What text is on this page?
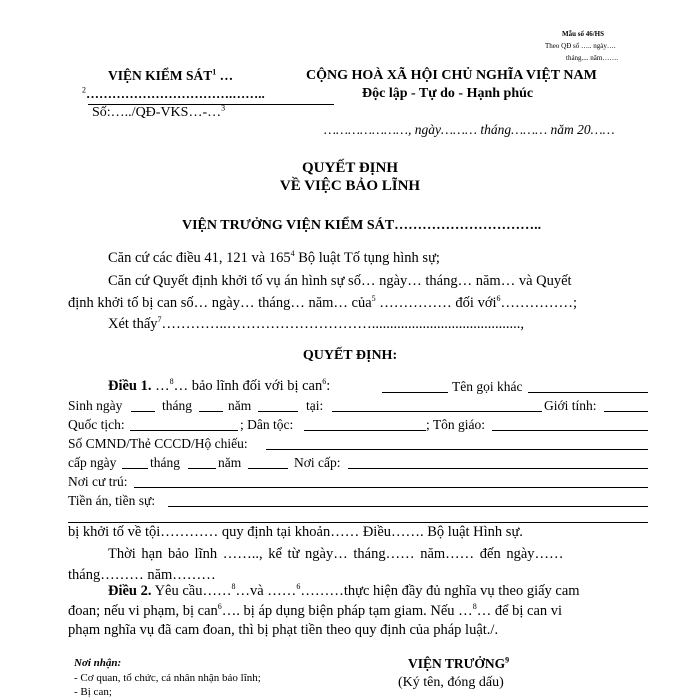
Mẫu số 46/HS
Theo QĐ số ….. ngày….
tháng.... năm…….
VIỆN KIỂM SÁT$^1$ …
$^2$…………………………….……..
Số:…../QĐ-VKS…-…$^3$
CỘNG HOÀ XÃ HỘI CHỦ NGHĨA VIỆT NAM
Độc lập - Tự do - Hạnh phúc
…………………, ngày……… tháng……… năm 20……
QUYẾT ĐỊNH
VỀ VIỆC BẢO LĨNH
VIỆN TRƯỞNG VIỆN KIỂM SÁT…………………………..
Căn cứ các điều 41, 121 và $165^4$ Bộ luật Tố tụng hình sự;
Căn cứ Quyết định khởi tố vụ án hình sự số… ngày… tháng… năm… và Quyết
định khởi tố bị can số… ngày… tháng… năm… của$^5$ …………… đối với$^6$……………;
Xét thấy$^7$…………..………………………….........................................,
QUYẾT ĐỊNH:
Điều 1. …$^8$… bảo lĩnh đối với bị can$^6$:	Tên gọi khác
Sinh ngày	tháng	năm	tại:	Giới tính:
Quốc tịch:	; Dân tộc:	; Tôn giáo:
Số CMND/Thẻ CCCD/Hộ chiếu:
cấp ngày tháng	năm	Nơi cấp:
Nơi cư trú:
Tiền án, tiền sự:
bị khởi tố về tội………… quy định tại khoản…… Điều……. Bộ luật Hình sự.
Thời hạn bảo lĩnh …….., kể từ ngày… tháng…… năm…… đến ngày……
tháng……… năm………
Điều 2. Yêu cầu……$^8$…và ……$^6$………thực hiện đầy đủ nghĩa vụ theo giấy cam
đoan; nếu vi phạm, bị can$^6$…. bị áp dụng biện pháp tạm giam. Nếu …$^8$… để bị can vi
phạm nghĩa vụ đã cam đoan, thì bị phạt tiền theo quy định của pháp luật./.
Nơi nhận:
- Cơ quan, tổ chức, cá nhân nhận bảo lĩnh;
- Bị can;
VIỆN TRƯỞNG$^9$
(Ký tên, đóng dấu)
